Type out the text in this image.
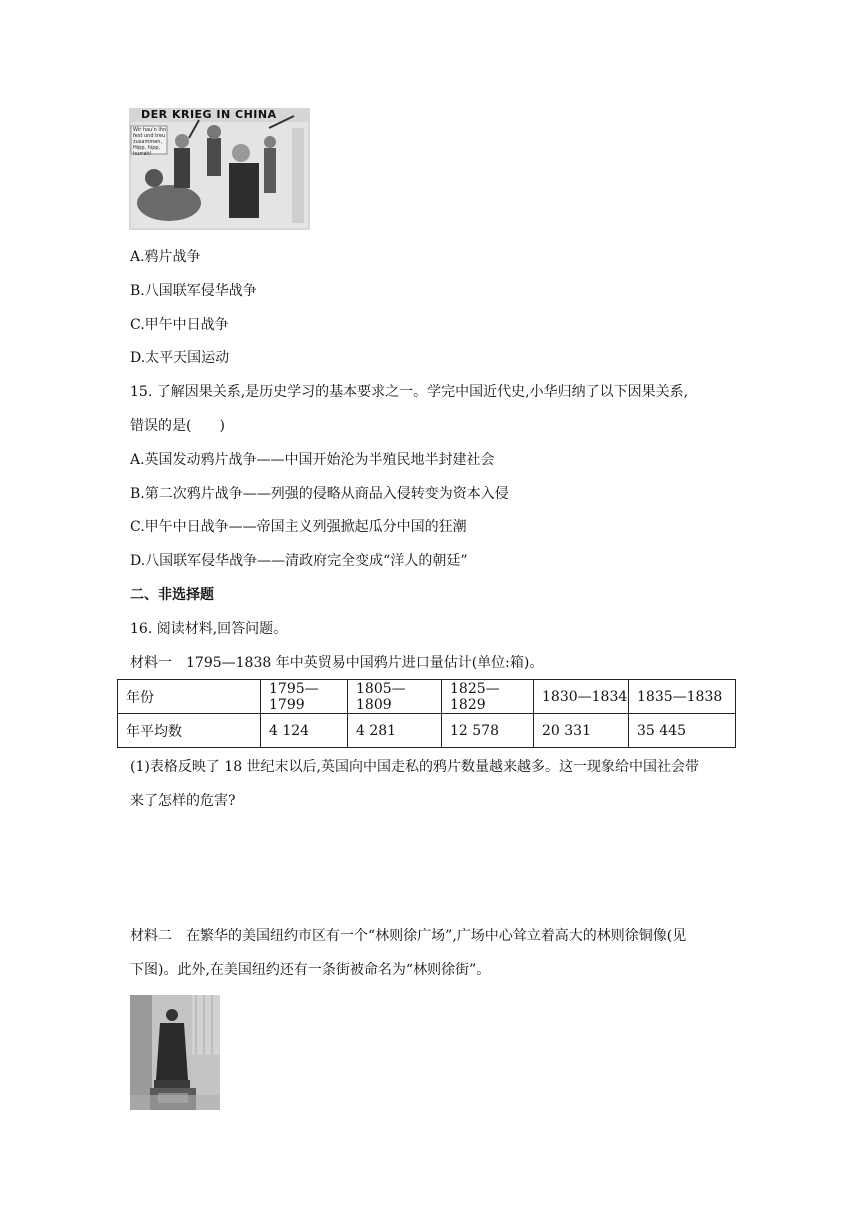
DER KRIEG IN CHINA
Wir hau'n ihn fest und treu zusammen, Hipp, hipp, hurrah!
A.鸦片战争
B.八国联军侵华战争
C.甲午中日战争
D.太平天国运动
15. 了解因果关系,是历史学习的基本要求之一。学完中国近代史,小华归纳了以下因果关系,
错误的是(　　)
A.英国发动鸦片战争——中国开始沦为半殖民地半封建社会
B.第二次鸦片战争——列强的侵略从商品入侵转变为资本入侵
C.甲午中日战争——帝国主义列强掀起瓜分中国的狂潮
D.八国联军侵华战争——清政府完全变成“洋人的朝廷”
二、非选择题
16. 阅读材料,回答问题。
材料一　1795—1838 年中英贸易中国鸦片进口量估计(单位:箱)。
年份	1795—1799	1805—1809	1825—1829	1830—1834	1835—1838
年平均数	4 124	4 281	12 578	20 331	35 445
(1)表格反映了 18 世纪末以后,英国向中国走私的鸦片数量越来越多。这一现象给中国社会带
来了怎样的危害?
材料二　在繁华的美国纽约市区有一个“林则徐广场”,广场中心耸立着高大的林则徐铜像(见
下图)。此外,在美国纽约还有一条街被命名为“林则徐街”。
